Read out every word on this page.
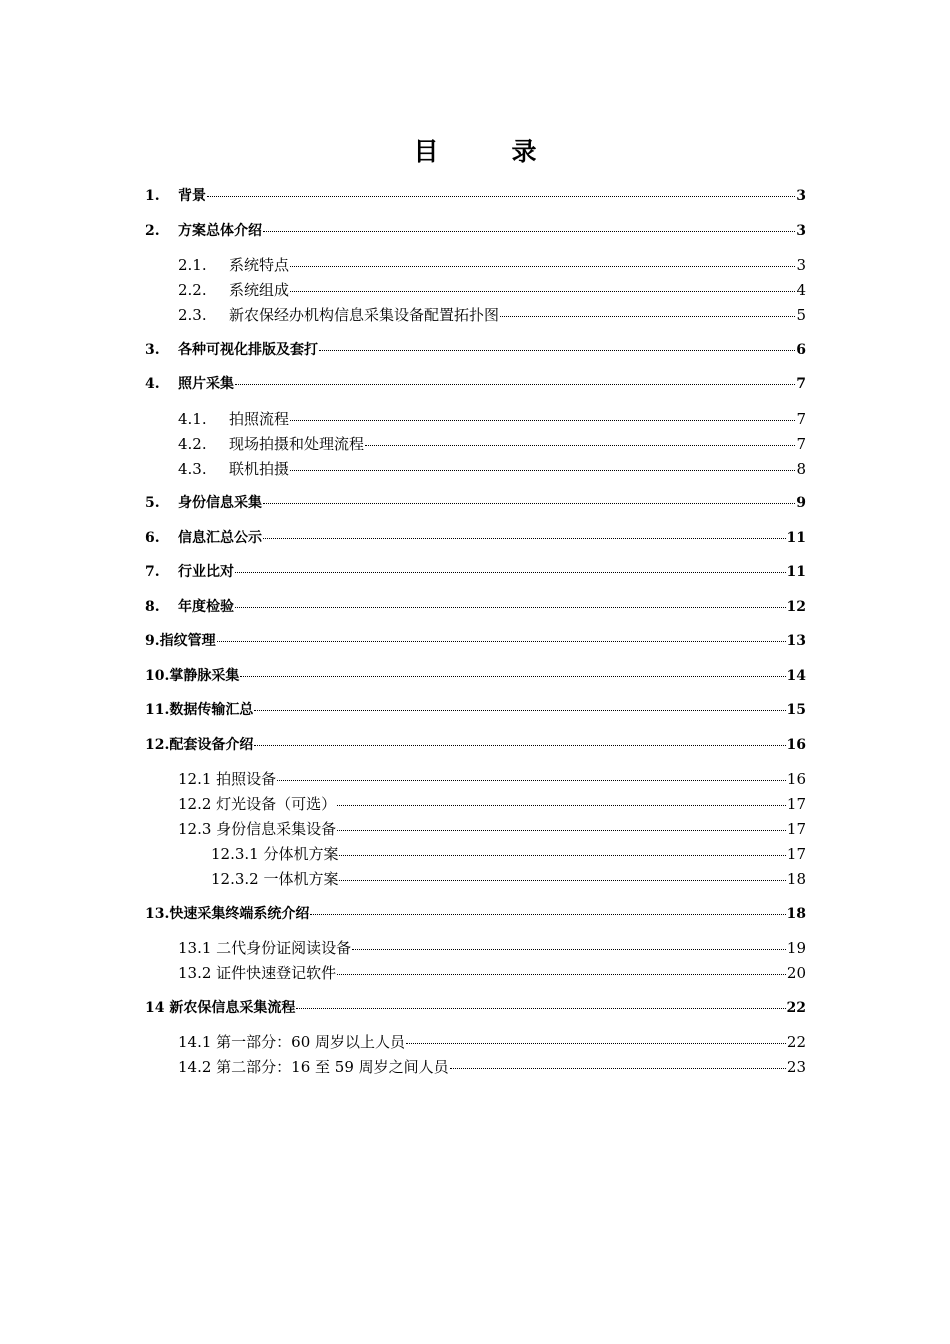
目　录
1.	背景	3
2.	方案总体介绍	3
2.1.	系统特点	3
2.2.	系统组成	4
2.3.	新农保经办机构信息采集设备配置拓扑图	5
3.	各种可视化排版及套打	6
4.	照片采集	7
4.1.	拍照流程	7
4.2.	现场拍摄和处理流程	7
4.3.	联机拍摄	8
5.	身份信息采集	9
6.	信息汇总公示	11
7.	行业比对	11
8.	年度检验	12
9.指纹管理	13
10.掌静脉采集	14
11.数据传输汇总	15
12.配套设备介绍	16
12.1 拍照设备	16
12.2 灯光设备（可选）	17
12.3 身份信息采集设备	17
12.3.1 分体机方案	17
12.3.2 一体机方案	18
13.快速采集终端系统介绍	18
13.1 二代身份证阅读设备	19
13.2 证件快速登记软件	20
14 新农保信息采集流程	22
14.1 第一部分：60 周岁以上人员	22
14.2 第二部分：16 至 59 周岁之间人员	23
